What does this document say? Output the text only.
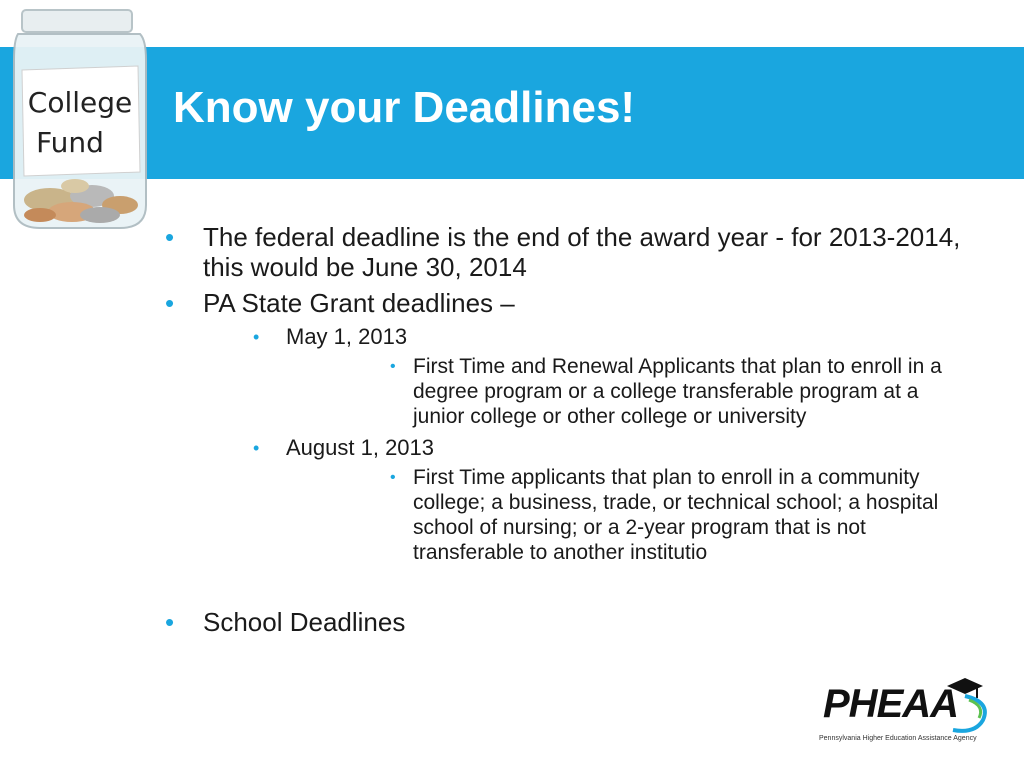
Know your Deadlines!
College
Fund
• The federal deadline is the end of the award year - for 2013-2014, this would be June 30, 2014
• PA State Grant deadlines –
• May 1, 2013
• First Time and Renewal Applicants that plan to enroll in a degree program or a college transferable program at a junior college or other college or university
• August 1, 2013
• First Time applicants that plan to enroll in a community college; a business, trade, or technical school; a hospital school of nursing; or a 2-year program that is not transferable to another institutio
• School Deadlines
PHEAA
Pennsylvania Higher Education Assistance Agency
